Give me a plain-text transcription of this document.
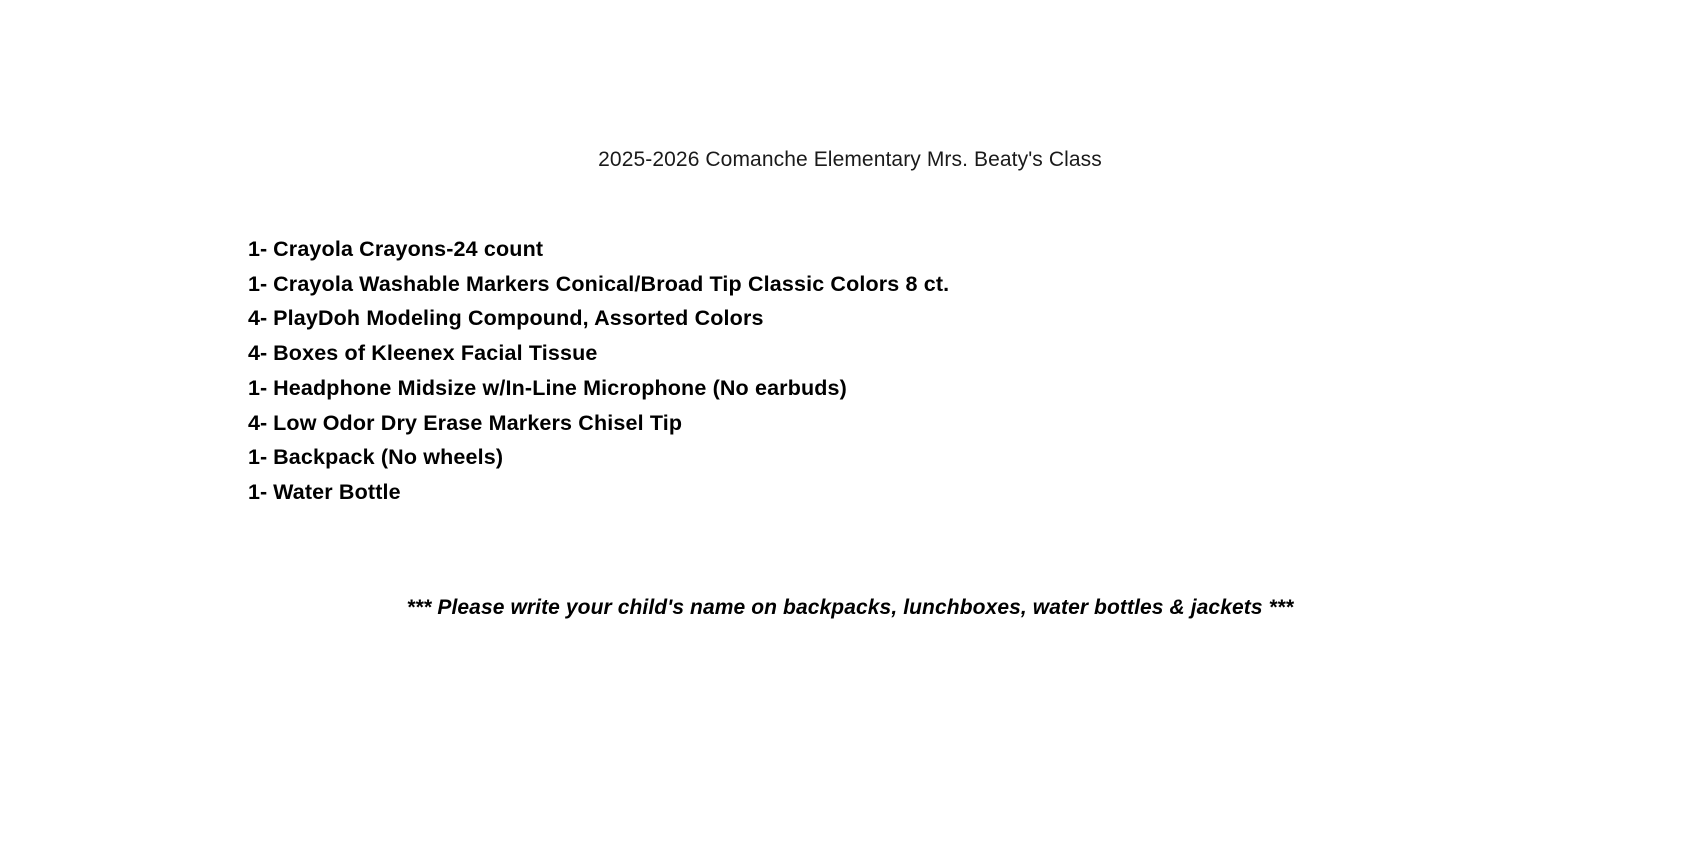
2025-2026 Comanche Elementary Mrs. Beaty's Class
1- Crayola Crayons-24 count
1- Crayola Washable Markers Conical/Broad Tip Classic Colors 8 ct.
4- PlayDoh Modeling Compound, Assorted Colors
4- Boxes of Kleenex Facial Tissue
1- Headphone Midsize w/In-Line Microphone (No earbuds)
4- Low Odor Dry Erase Markers Chisel Tip
1- Backpack (No wheels)
1- Water Bottle
*** Please write your child's name on backpacks, lunchboxes, water bottles & jackets ***
